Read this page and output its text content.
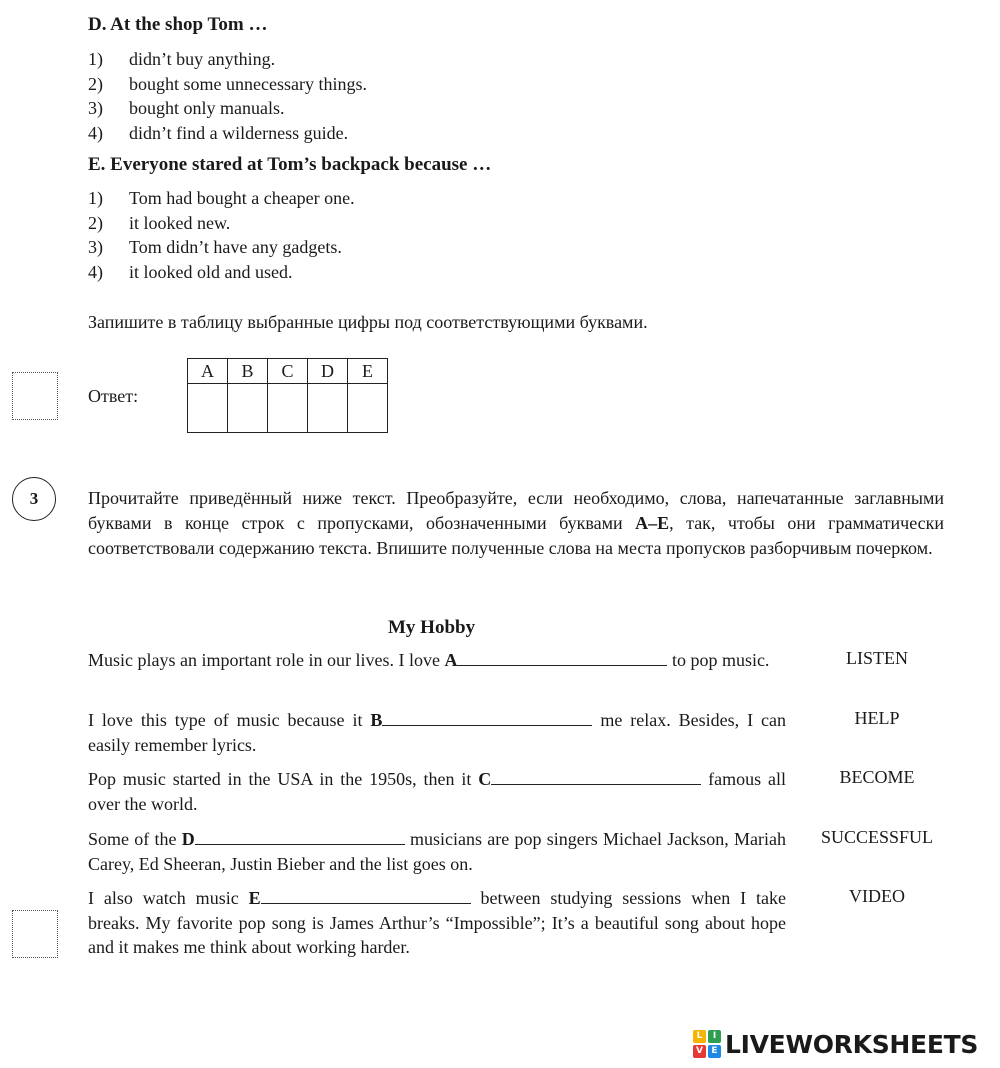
D. At the shop Tom …
1) didn’t buy anything.
2) bought some unnecessary things.
3) bought only manuals.
4) didn’t find a wilderness guide.
E. Everyone stared at Tom’s backpack because …
1) Tom had bought a cheaper one.
2) it looked new.
3) Tom didn’t have any gadgets.
4) it looked old and used.
Запишите в таблицу выбранные цифры под соответствующими буквами.
Ответ:
A	B	C	D	E

3	Прочитайте приведённый ниже текст. Преобразуйте, если необходимо, слова, напечатанные заглавными буквами в конце строк с пропусками, обозначенными буквами A–E, так, чтобы они грамматически соответствовали содержанию текста. Впишите полученные слова на места пропусков разборчивым почерком.
My Hobby
Music plays an important role in our lives. I love A	to pop music.	LISTEN
I love this type of music because it B	me relax. Besides, I can easily remember lyrics.
HELP
Pop music started in the USA in the 1950s, then it C	famous all over the world.
BECOME
Some of the D	musicians are pop singers Michael Jackson, Mariah Carey, Ed Sheeran, Justin Bieber and the list goes on.
SUCCESSFUL
I also watch music E	between studying sessions when I take breaks. My favorite pop song is James Arthur’s “Impossible”; It’s a beautiful song about hope and it makes me think about working harder.
VIDEO
L	I
V E LIVEWORKSHEETS
